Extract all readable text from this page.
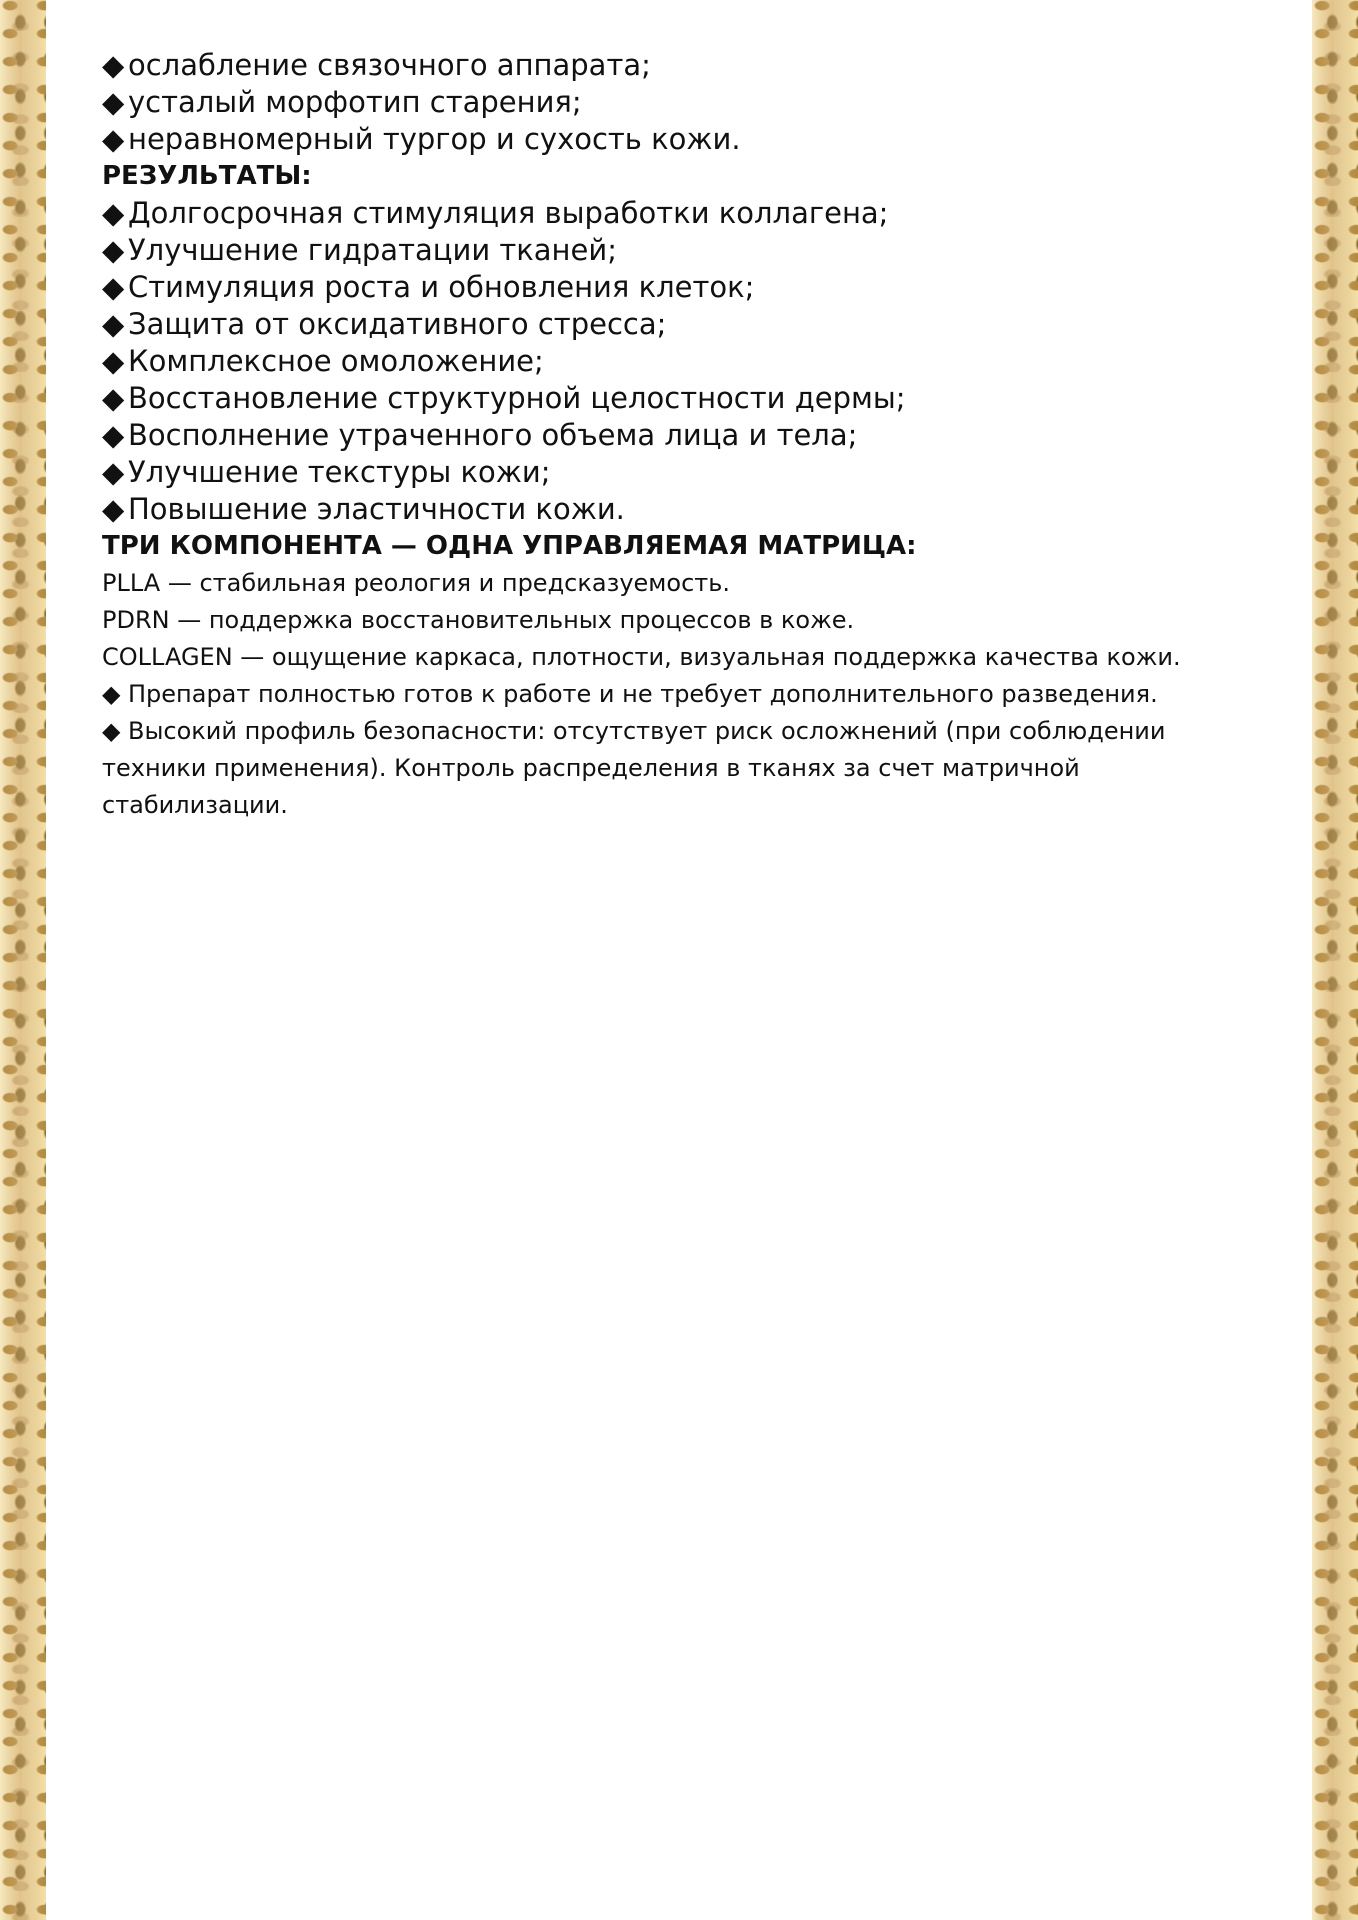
◆ ослабление связочного аппарата;
◆ усталый морфотип старения;
◆ неравномерный тургор и сухость кожи.
РЕЗУЛЬТАТЫ:
◆ Долгосрочная стимуляция выработки коллагена;
◆ Улучшение гидратации тканей;
◆ Стимуляция роста и обновления клеток;
◆ Защита от оксидативного стресса;
◆ Комплексное омоложение;
◆ Восстановление структурной целостности дермы;
◆ Восполнение утраченного объема лица и тела;
◆ Улучшение текстуры кожи;
◆ Повышение эластичности кожи.
ТРИ КОМПОНЕНТА — ОДНА УПРАВЛЯЕМАЯ МАТРИЦА:
PLLA — стабильная реология и предсказуемость.
PDRN — поддержка восстановительных процессов в коже.
COLLAGEN — ощущение каркаса, плотности, визуальная поддержка качества кожи.
◆ Препарат полностью готов к работе и не требует дополнительного разведения.
◆ Высокий профиль безопасности: отсутствует риск осложнений (при соблюдении техники применения). Контроль распределения в тканях за счет матричной стабилизации.
